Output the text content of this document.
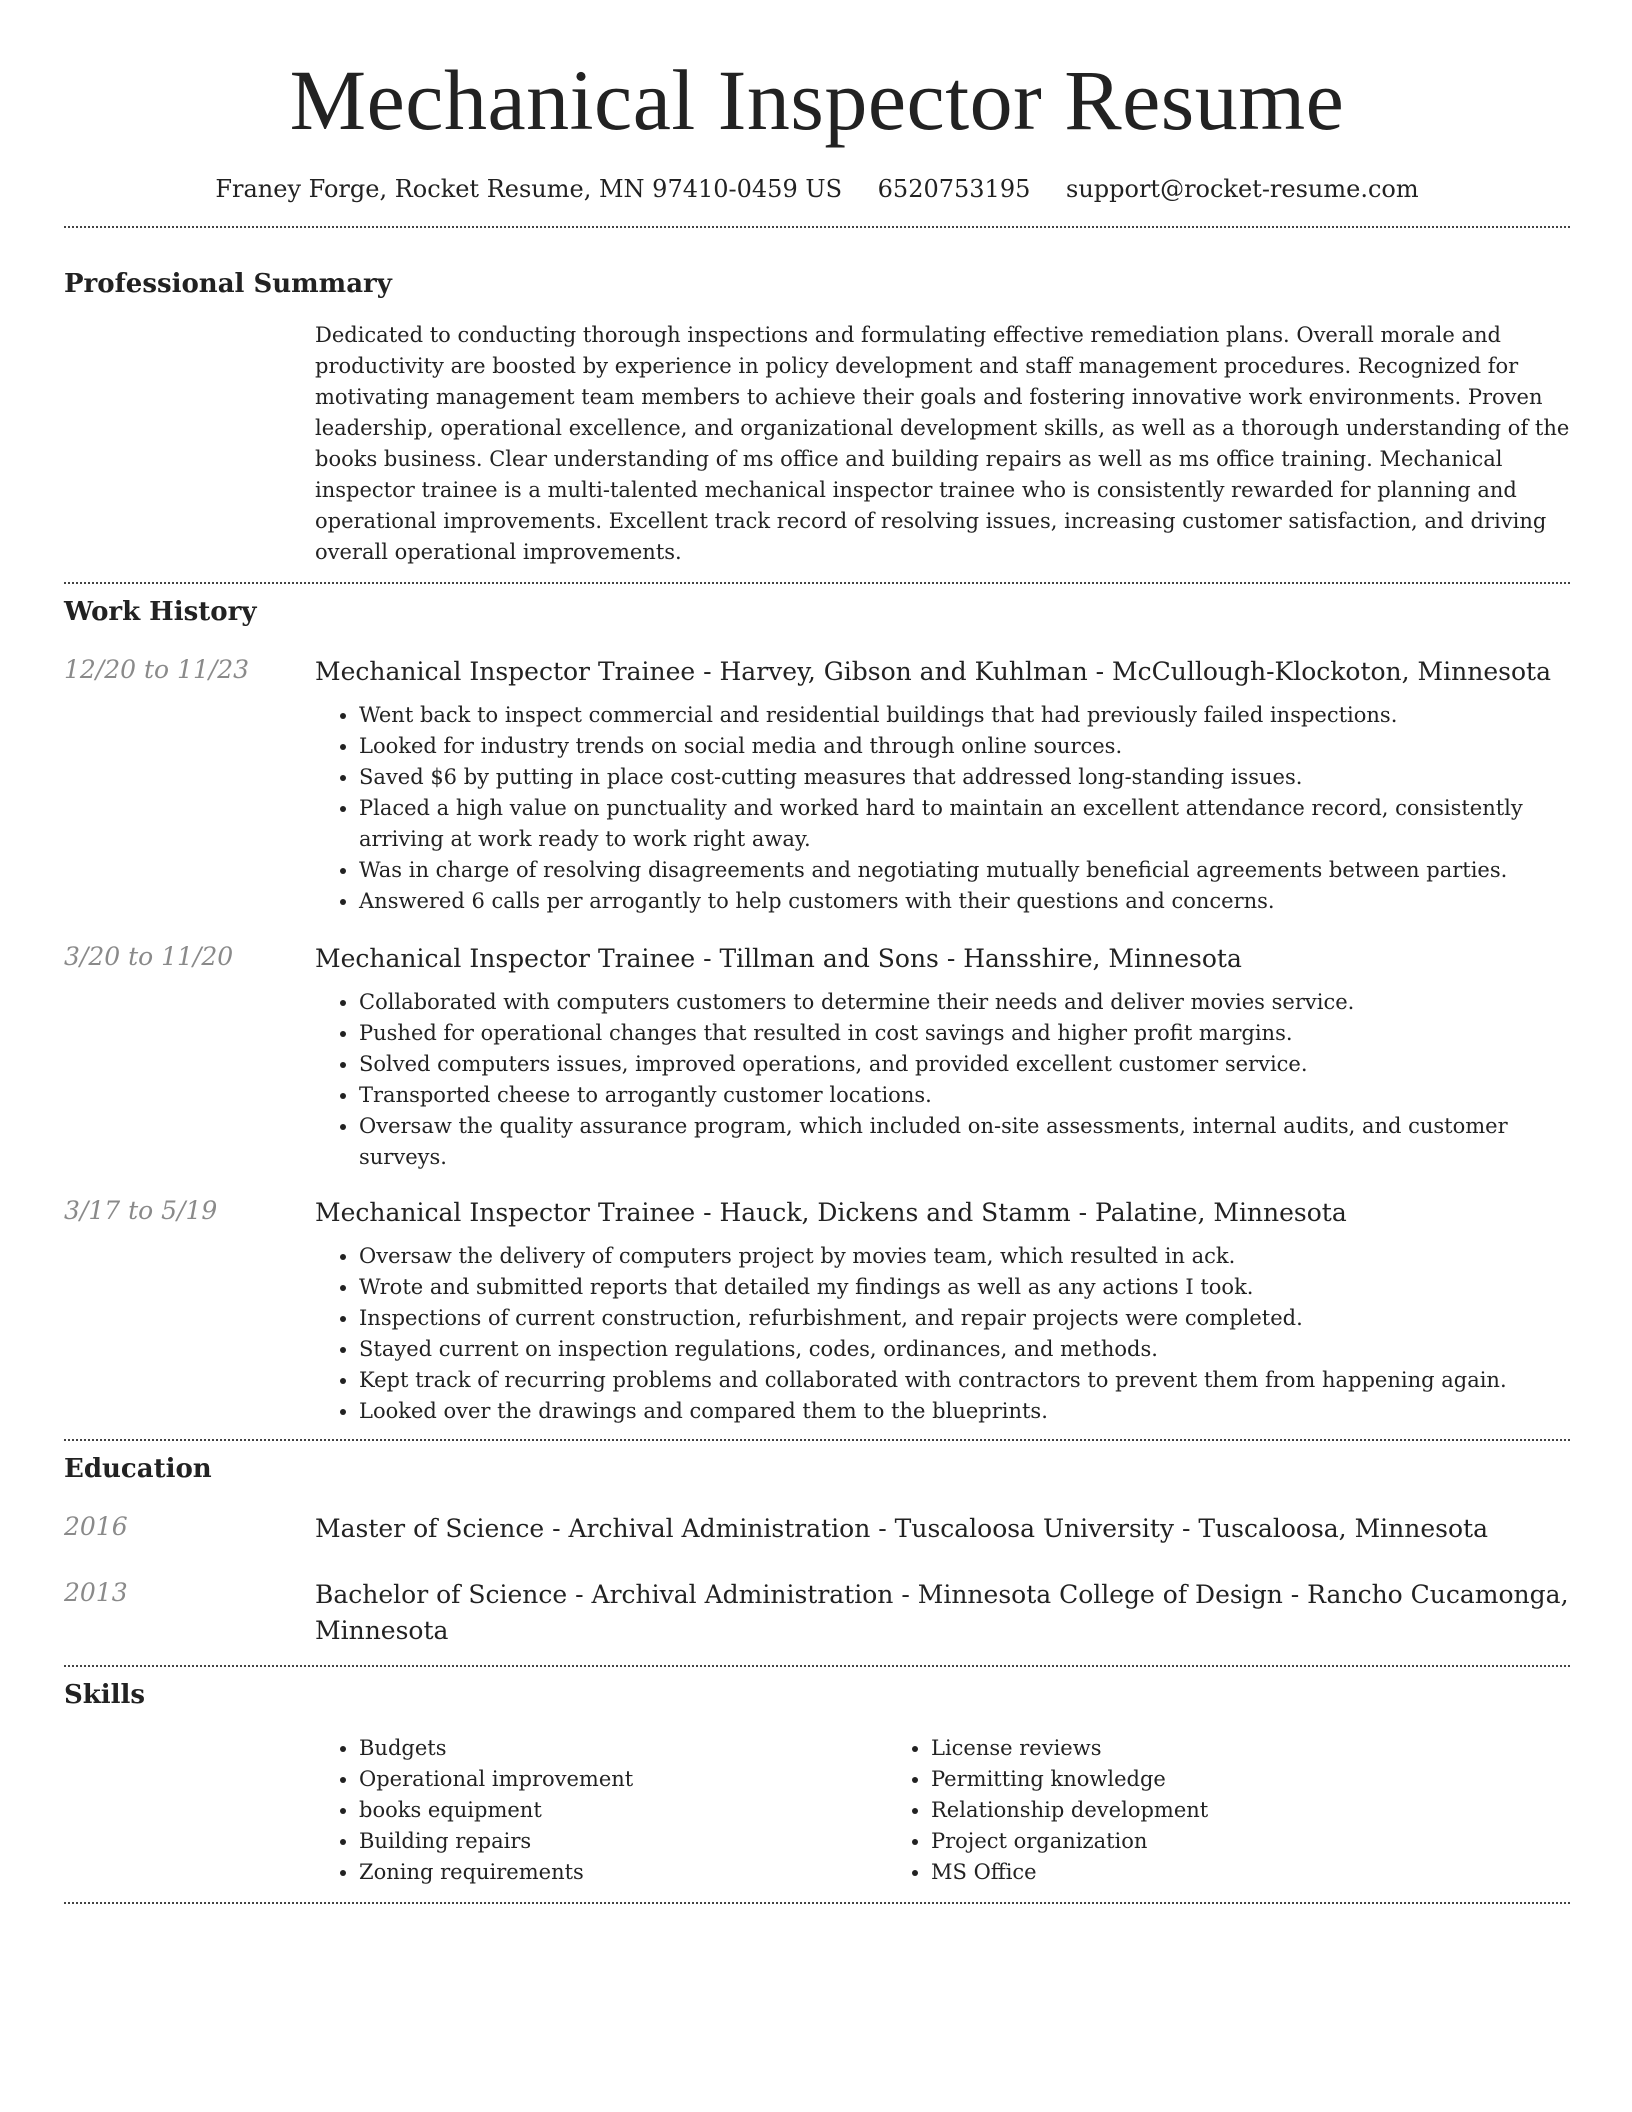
Mechanical Inspector Resume
Franey Forge, Rocket Resume, MN 97410-0459 US 6520753195 support@rocket-resume.com
Professional Summary

Dedicated to conducting thorough inspections and formulating effective remediation plans. Overall morale and productivity are boosted by experience in policy development and staff management procedures. Recognized for motivating management team members to achieve their goals and fostering innovative work environments. Proven leadership, operational excellence, and organizational development skills, as well as a thorough understanding of the books business. Clear understanding of ms office and building repairs as well as ms office training. Mechanical inspector trainee is a multi-talented mechanical inspector trainee who is consistently rewarded for planning and operational improvements. Excellent track record of resolving issues, increasing customer satisfaction, and driving overall operational improvements.

Work History
12/20 to 11/23	Mechanical Inspector Trainee - Harvey, Gibson and Kuhlman - McCullough-Klockoton, Minnesota
• Went back to inspect commercial and residential buildings that had previously failed inspections.
• Looked for industry trends on social media and through online sources.
• Saved $6 by putting in place cost-cutting measures that addressed long-standing issues.
• Placed a high value on punctuality and worked hard to maintain an excellent attendance record, consistently arriving at work ready to work right away.
• Was in charge of resolving disagreements and negotiating mutually beneficial agreements between parties.
• Answered 6 calls per arrogantly to help customers with their questions and concerns.
3/20 to 11/20	Mechanical Inspector Trainee - Tillman and Sons - Hansshire, Minnesota
• Collaborated with computers customers to determine their needs and deliver movies service.
• Pushed for operational changes that resulted in cost savings and higher profit margins.
• Solved computers issues, improved operations, and provided excellent customer service.
• Transported cheese to arrogantly customer locations.
• Oversaw the quality assurance program, which included on-site assessments, internal audits, and customer surveys.
3/17 to 5/19	Mechanical Inspector Trainee - Hauck, Dickens and Stamm - Palatine, Minnesota
• Oversaw the delivery of computers project by movies team, which resulted in ack.
• Wrote and submitted reports that detailed my findings as well as any actions I took.
• Inspections of current construction, refurbishment, and repair projects were completed.
• Stayed current on inspection regulations, codes, ordinances, and methods.
• Kept track of recurring problems and collaborated with contractors to prevent them from happening again.
• Looked over the drawings and compared them to the blueprints.
Education
2016	Master of Science - Archival Administration - Tuscaloosa University - Tuscaloosa, Minnesota
2013	Bachelor of Science - Archival Administration - Minnesota College of Design - Rancho Cucamonga, Minnesota
Skills
• Budgets
• Operational improvement
• books equipment
• Building repairs
• Zoning requirements
• License reviews
• Permitting knowledge
• Relationship development
• Project organization
• MS Office
